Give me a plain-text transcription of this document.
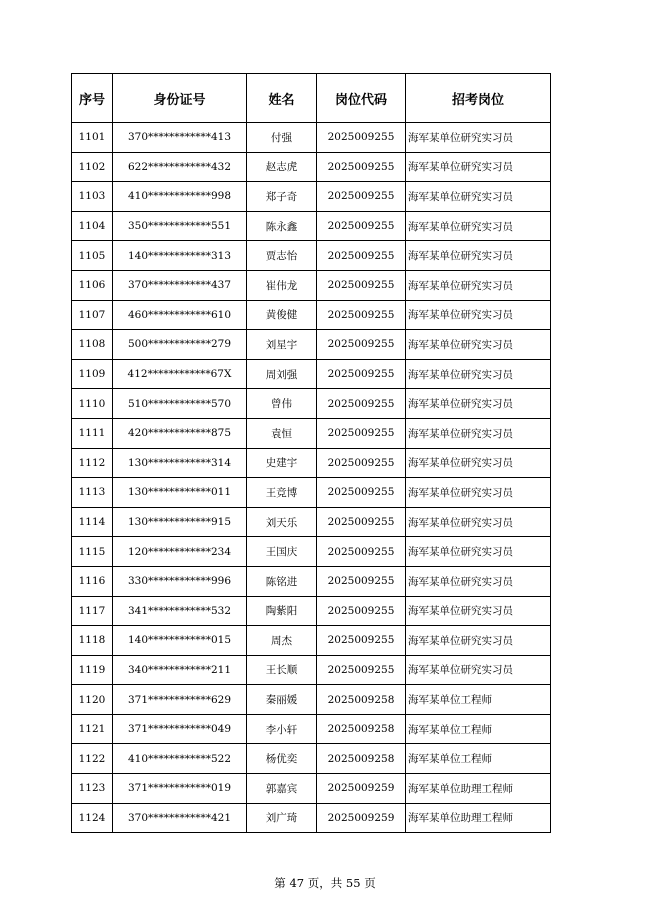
序号	身份证号	姓名	岗位代码	招考岗位
1101	370************413	付强	2025009255	海军某单位研究实习员
1102	622************432	赵志虎	2025009255	海军某单位研究实习员
1103	410************998	郑子奇	2025009255	海军某单位研究实习员
1104	350************551	陈永鑫	2025009255	海军某单位研究实习员
1105	140************313	贾志怡	2025009255	海军某单位研究实习员
1106	370************437	崔伟龙	2025009255	海军某单位研究实习员
1107	460************610	黄俊健	2025009255	海军某单位研究实习员
1108	500************279	刘星宇	2025009255	海军某单位研究实习员
1109	412************67X	周刘强	2025009255	海军某单位研究实习员
1110	510************570	曾伟	2025009255	海军某单位研究实习员
1111	420************875	袁恒	2025009255	海军某单位研究实习员
1112	130************314	史建宇	2025009255	海军某单位研究实习员
1113	130************011	王竞博	2025009255	海军某单位研究实习员
1114	130************915	刘天乐	2025009255	海军某单位研究实习员
1115	120************234	王国庆	2025009255	海军某单位研究实习员
1116	330************996	陈铭进	2025009255	海军某单位研究实习员
1117	341************532	陶紫阳	2025009255	海军某单位研究实习员
1118	140************015	周杰	2025009255	海军某单位研究实习员
1119	340************211	王长顺	2025009255	海军某单位研究实习员
1120	371************629	秦丽媛	2025009258	海军某单位工程师
1121	371************049	李小轩	2025009258	海军某单位工程师
1122	410************522	杨优奕	2025009258	海军某单位工程师
1123	371************019	郭嘉宾	2025009259	海军某单位助理工程师
1124	370************421	刘广琦	2025009259	海军某单位助理工程师
第 47 页，共 55 页
